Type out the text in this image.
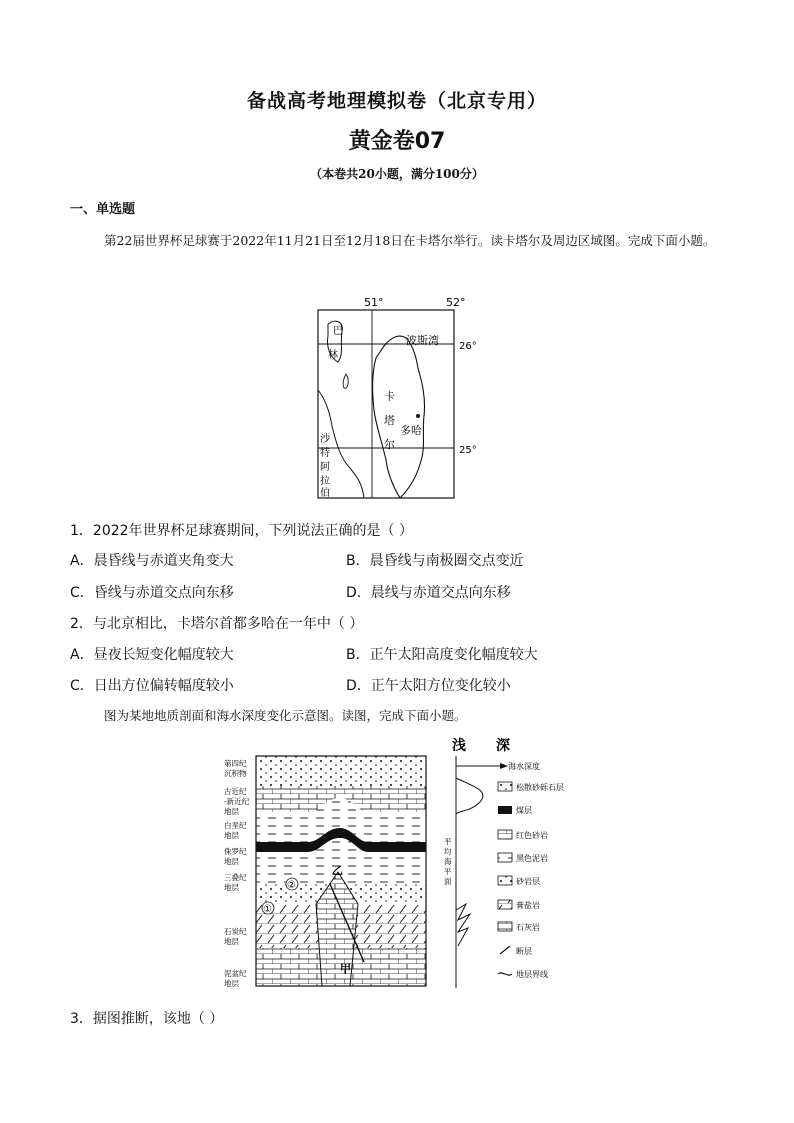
备战高考地理模拟卷（北京专用）
黄金卷07
（本卷共20小题，满分100分）
一、单选题
第22届世界杯足球赛于2022年11月21日至12月18日在卡塔尔举行。读卡塔尔及周边区域图。完成下面小题。
51°	52°
26°
25°
波斯湾
巴
林
卡
塔
尔
多哈
沙
特
阿
拉
伯
1．2022年世界杯足球赛期间，下列说法正确的是（ ）
A．晨昏线与赤道夹角变大	B．晨昏线与南极圈交点变近
C．昏线与赤道交点向东移	D．晨线与赤道交点向东移
2．与北京相比，卡塔尔首都多哈在一年中（ ）
A．昼夜长短变化幅度较大	B．正午太阳高度变化幅度较大
C．日出方位偏转幅度较小	D．正午太阳方位变化较小
图为某地地质剖面和海水深度变化示意图。读图，完成下面小题。
第四纪
沉积物
古近纪
-新近纪
地层
白垩纪
地层
侏罗纪
地层
三叠纪
地层
石炭纪
地层
泥盆纪
地层
①
②
乙
甲
浅 深
海水深度
平
均
海
平
面
松散砂砾石层
煤层
红色砂岩
黑色泥岩
砂岩层
膏盐岩
石灰岩
断层
地层界线
3．据图推断，该地（ ）
